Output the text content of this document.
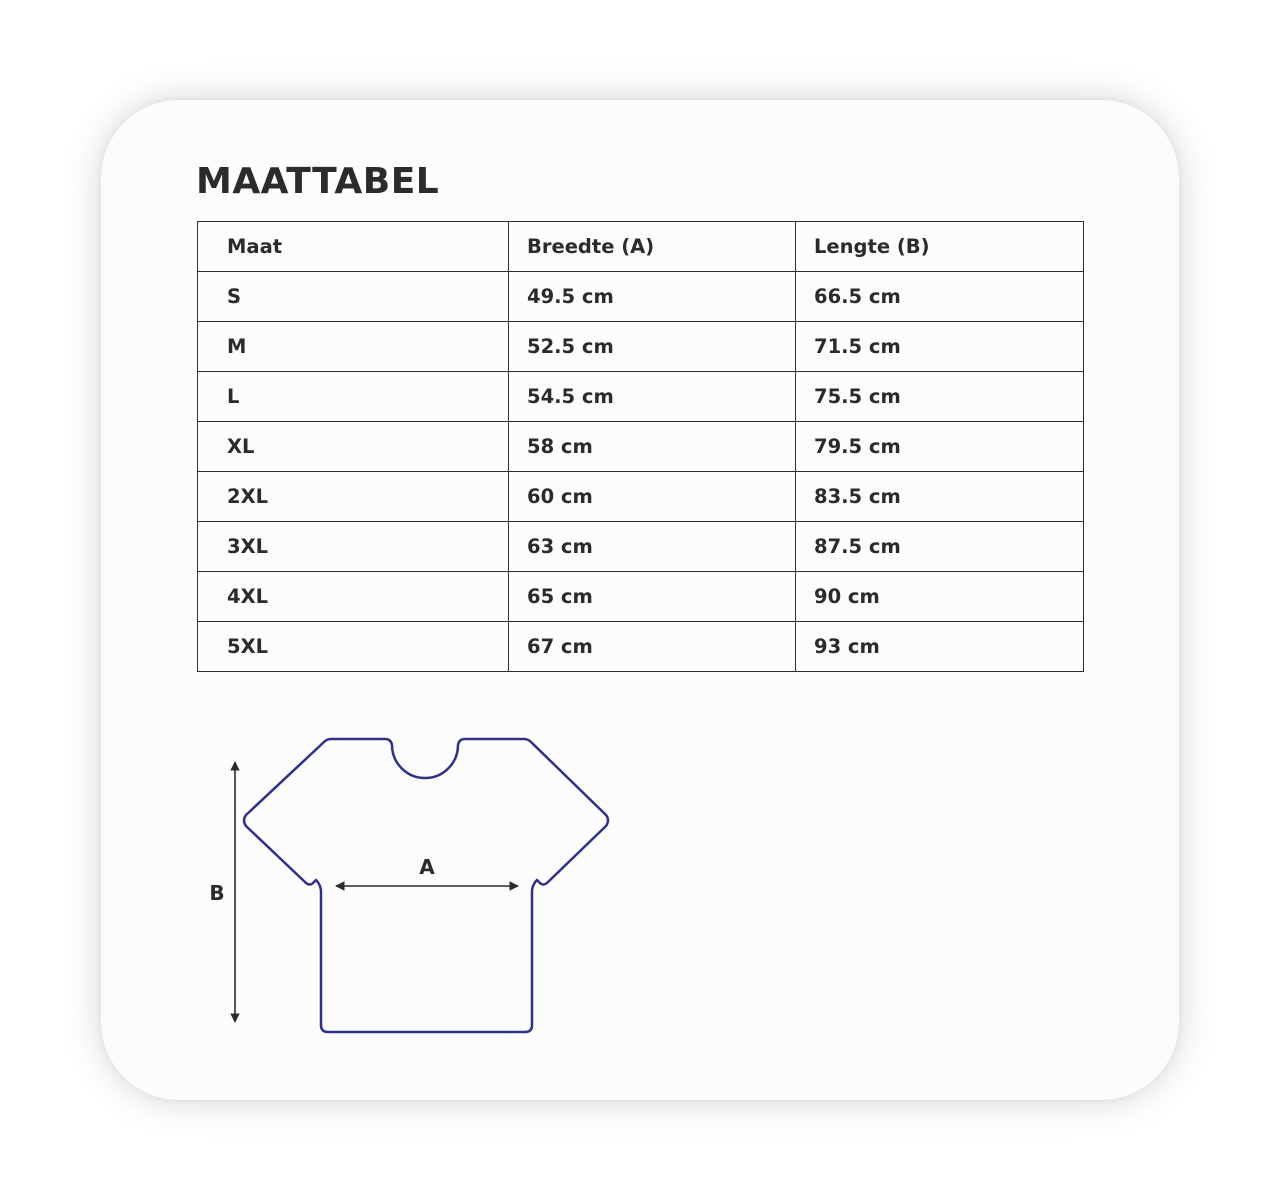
MAATTABEL
Maat	Breedte (A)	Lengte (B)
S	49.5 cm	66.5 cm
M	52.5 cm	71.5 cm
L	54.5 cm	75.5 cm
XL	58 cm	79.5 cm
2XL	60 cm	83.5 cm
3XL	63 cm	87.5 cm
4XL	65 cm	90 cm
5XL	67 cm	93 cm
A
B
